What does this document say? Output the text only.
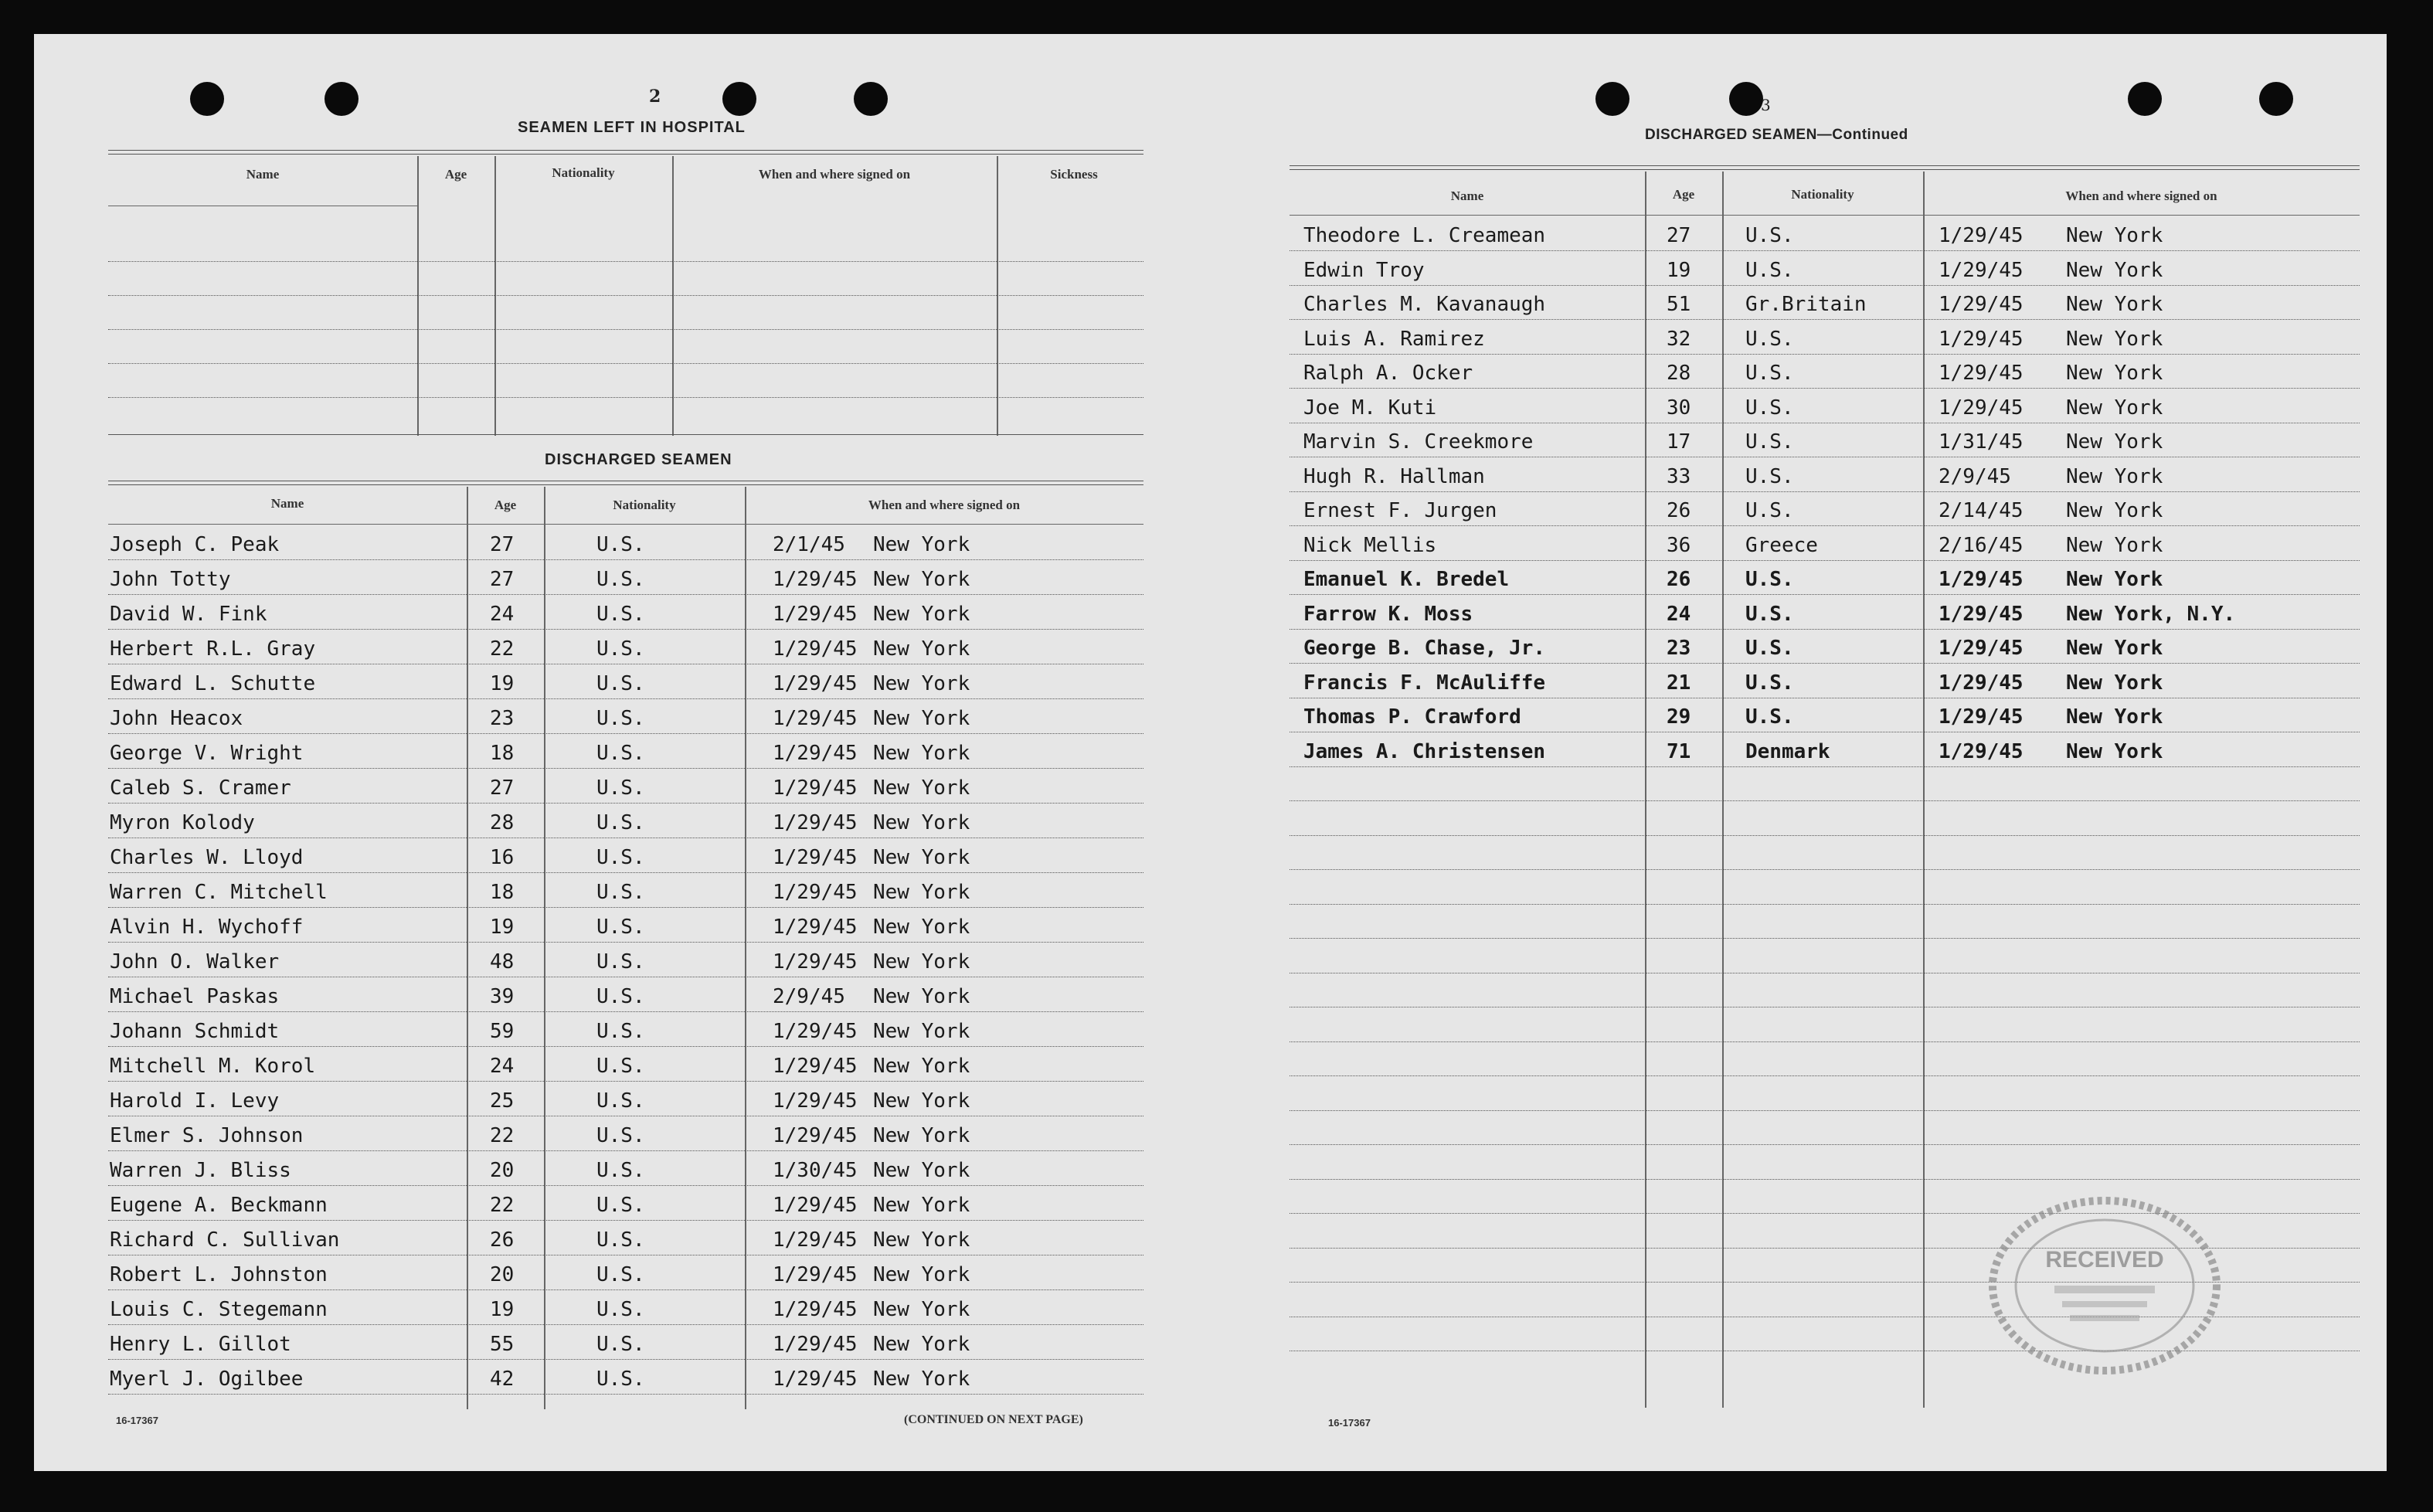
2
SEAMEN LEFT IN HOSPITAL
Name	Age	Nationality	When and where signed on	Sickness
DISCHARGED SEAMEN
Name	Age	Nationality	When and where signed on
Joseph C. Peak	27	U.S.	2/1/45 New York
John Totty	27	U.S.	1/29/45 New York
David W. Fink	24	U.S.	1/29/45 New York
Herbert R.L. Gray	22	U.S.	1/29/45 New York
Edward L. Schutte	19	U.S.	1/29/45 New York
John Heacox	23	U.S.	1/29/45 New York
George V. Wright	18	U.S.	1/29/45 New York
Caleb S. Cramer	27	U.S.	1/29/45 New York
Myron Kolody	28	U.S.	1/29/45 New York
Charles W. Lloyd	16	U.S.	1/29/45 New York
Warren C. Mitchell	18	U.S.	1/29/45 New York
Alvin H. Wychoff	19	U.S.	1/29/45 New York
John O. Walker	48	U.S.	1/29/45 New York
Michael Paskas	39	U.S.	2/9/45 New York
Johann Schmidt	59	U.S.	1/29/45 New York
Mitchell M. Korol	24	U.S.	1/29/45 New York
Harold I. Levy	25	U.S.	1/29/45 New York
Elmer S. Johnson	22	U.S.	1/29/45 New York
Warren J. Bliss	20	U.S.	1/30/45 New York
Eugene A. Beckmann	22	U.S.	1/29/45 New York
Richard C. Sullivan	26	U.S.	1/29/45 New York
Robert L. Johnston	20	U.S.	1/29/45 New York
Louis C. Stegemann	19	U.S.	1/29/45 New York
Henry L. Gillot	55	U.S.	1/29/45 New York
Myerl J. Ogilbee	42	U.S.	1/29/45 New York
16-17367	(CONTINUED ON NEXT PAGE)
3
DISCHARGED SEAMEN—Continued
Name	Age	Nationality	When and where signed on
Theodore L. Creamean	27	U.S.	1/29/45 New York
Edwin Troy	19	U.S.	1/29/45 New York
Charles M. Kavanaugh	51	Gr.Britain	1/29/45 New York
Luis A. Ramirez	32	U.S.	1/29/45 New York
Ralph A. Ocker	28	U.S.	1/29/45 New York
Joe M. Kuti	30	U.S.	1/29/45 New York
Marvin S. Creekmore	17	U.S.	1/31/45 New York
Hugh R. Hallman	33	U.S.	2/9/45	New York
Ernest F. Jurgen	26	U.S.	2/14/45 New York
Nick Mellis	36	Greece	2/16/45 New York
Emanuel K. Bredel	26	U.S.	1/29/45 New York
Farrow K. Moss	24	U.S.	1/29/45 New York, N.Y.
George B. Chase, Jr.	23	U.S.	1/29/45 New York
Francis F. McAuliffe	21	U.S.	1/29/45 New York
Thomas P. Crawford	29	U.S.	1/29/45 New York
James A. Christensen	71	Denmark	1/29/45 New York
16-17367
RECEIVED
